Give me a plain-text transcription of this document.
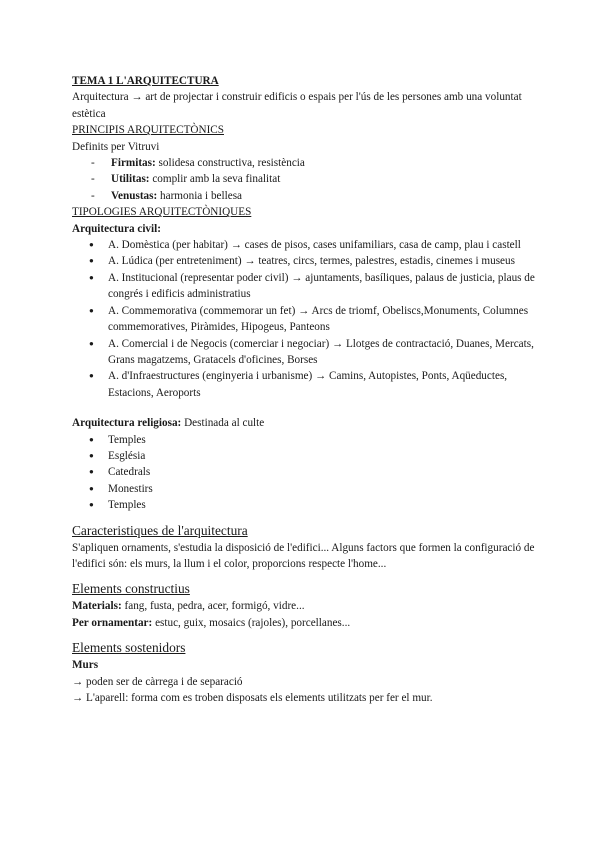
TEMA 1 L'ARQUITECTURA

Arquitectura → art de projectar i construir edificis o espais per l'ús de les persones amb una voluntat estètica

PRINCIPIS ARQUITECTÒNICS

Definits per Vitruvi

- Firmitas: solidesa constructiva, resistència
- Utilitas: complir amb la seva finalitat
- Venustas: harmonia i bellesa

TIPOLOGIES ARQUITECTÒNIQUES

Arquitectura civil:

● A. Domèstica (per habitar) → cases de pisos, cases unifamiliars, casa de camp, plau i castell
● A. Lúdica (per entreteniment) → teatres, circs, termes, palestres, estadis, cinemes i museus
● A. Institucional (representar poder civil) → ajuntaments, basíliques, palaus de justicia, plaus de congrés i edificis administratius
● A. Commemorativa (commemorar un fet) → Arcs de triomf, Obeliscs,Monuments, Columnes commemoratives, Piràmides, Hipogeus, Panteons
● A. Comercial i de Negocis (comerciar i negociar) → Llotges de contractació, Duanes, Mercats, Grans magatzems, Gratacels d'oficines, Borses
● A. d'Infraestructures (enginyeria i urbanisme) → Camins, Autopistes, Ponts, Aqüeductes, Estacions, Aeroports

Arquitectura religiosa: Destinada al culte

● Temples
● Església
● Catedrals
● Monestirs
● Temples

Caracteristiques de l'arquitectura

S'apliquen ornaments, s'estudia la disposició de l'edifici... Alguns factors que formen la configuració de l'edifici són: els murs, la llum i el color, proporcions respecte l'home...

Elements constructius

Materials: fang, fusta, pedra, acer, formigó, vidre...

Per ornamentar: estuc, guix, mosaics (rajoles), porcellanes...

Elements sostenidors

Murs

→ poden ser de càrrega i de separació

→ L'aparell: forma com es troben disposats els elements utilitzats per fer el mur.
